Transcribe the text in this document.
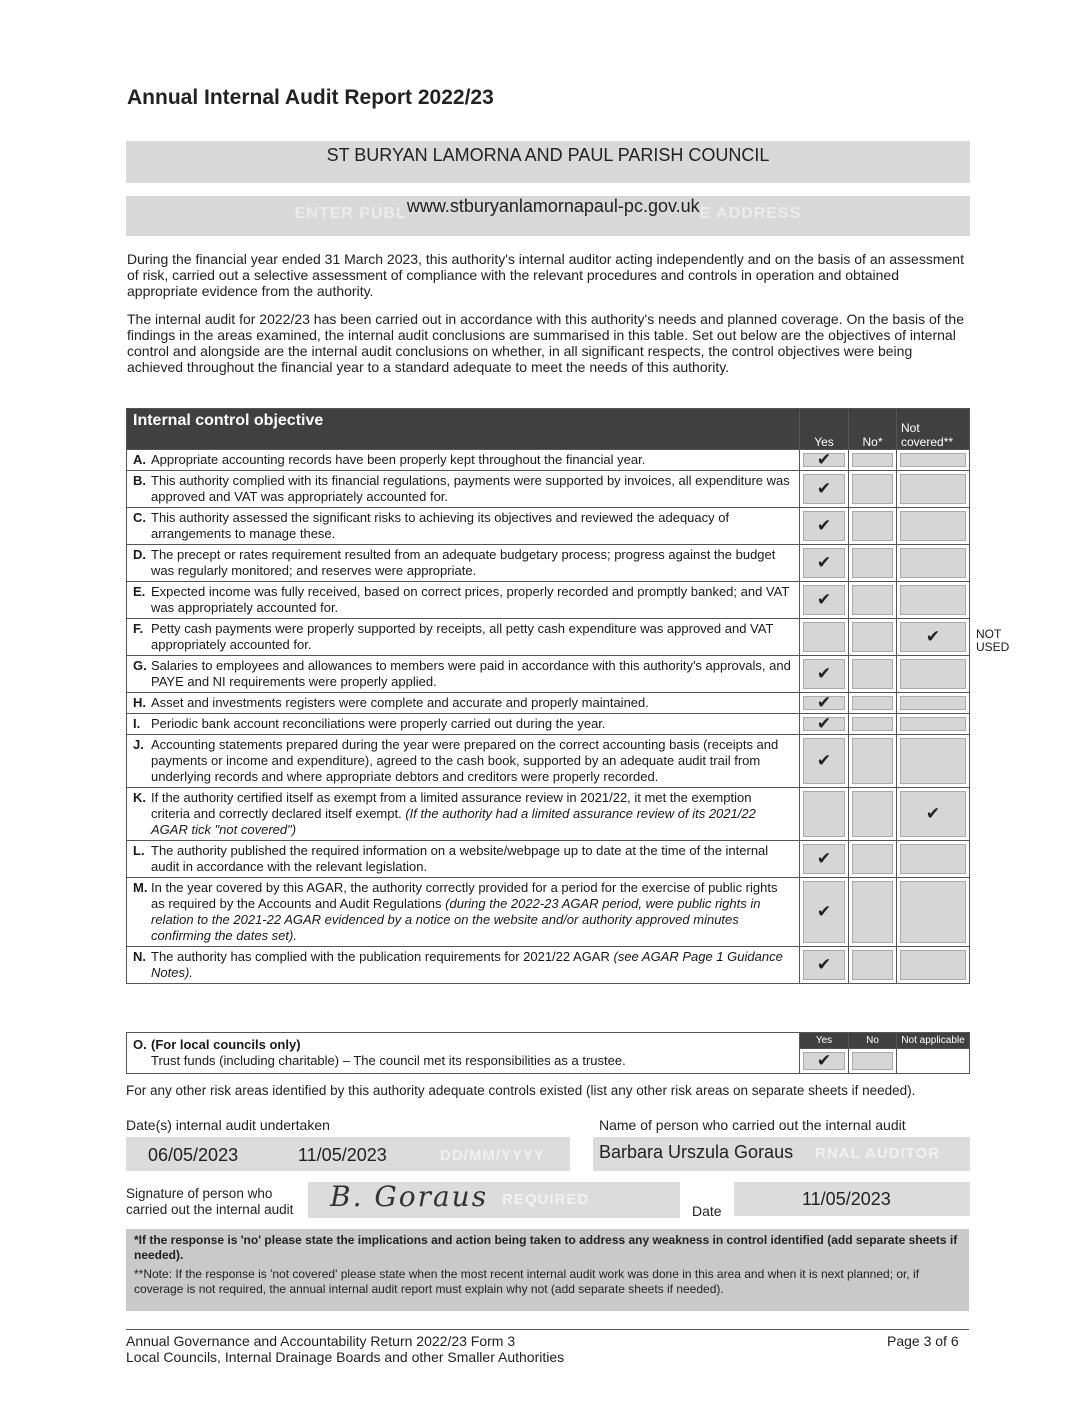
Annual Internal Audit Report 2022/23
ST BURYAN LAMORNA AND PAUL PARISH COUNCIL
ENTER PUBLwww.stburyanlamornapaul-pc.gov.ukE ADDRESS

During the financial year ended 31 March 2023, this authority's internal auditor acting independently and on the basis of an assessment of risk, carried out a selective assessment of compliance with the relevant procedures and controls in operation and obtained appropriate evidence from the authority.

The internal audit for 2022/23 has been carried out in accordance with this authority's needs and planned coverage. On the basis of the findings in the areas examined, the internal audit conclusions are summarised in this table. Set out below are the objectives of internal control and alongside are the internal audit conclusions on whether, in all significant respects, the control objectives were being achieved throughout the financial year to a standard adequate to meet the needs of this authority.

Internal control objective	Yes	No*	Not covered**
A. Appropriate accounting records have been properly kept throughout the financial year.	✔		

B. This authority complied with its financial regulations, payments were supported by invoices, all expenditure was approved and VAT was appropriately accounted for.	✔		

C. This authority assessed the significant risks to achieving its objectives and reviewed the adequacy of arrangements to manage these.	✔		

D. The precept or rates requirement resulted from an adequate budgetary process; progress against the budget was regularly monitored; and reserves were appropriate.	✔		

E. Expected income was fully received, based on correct prices, properly recorded and promptly banked; and VAT was appropriately accounted for.	✔		

F. Petty cash payments were properly supported by receipts, all petty cash expenditure was approved and VAT appropriately accounted for.			✔

G. Salaries to employees and allowances to members were paid in accordance with this authority's approvals, and PAYE and NI requirements were properly applied.	✔		

H. Asset and investments registers were complete and accurate and properly maintained.	✔		

I. Periodic bank account reconciliations were properly carried out during the year.	✔		

J. Accounting statements prepared during the year were prepared on the correct accounting basis (receipts and payments or income and expenditure), agreed to the cash book, supported by an adequate audit trail from underlying records and where appropriate debtors and creditors were properly recorded.	✔		

K. If the authority certified itself as exempt from a limited assurance review in 2021/22, it met the exemption criteria and correctly declared itself exempt. (If the authority had a limited assurance review of its 2021/22 AGAR tick "not covered")			✔

L. The authority published the required information on a website/webpage up to date at the time of the internal audit in accordance with the relevant legislation.	✔		

M. In the year covered by this AGAR, the authority correctly provided for a period for the exercise of public rights as required by the Accounts and Audit Regulations (during the 2022-23 AGAR period, were public rights in relation to the 2021-22 AGAR evidenced by a notice on the website and/or authority approved minutes confirming the dates set).	✔		

N. The authority has complied with the publication requirements for 2021/22 AGAR (see AGAR Page 1 Guidance Notes).	✔		

NOT
USED
O. (For local councils only)
Trust funds (including charitable) – The council met its responsibilities as a trustee.	Yes	No	Not applicable

	✔		

For any other risk areas identified by this authority adequate controls existed (list any other risk areas on separate sheets if needed).
Date(s) internal audit undertaken	Name of person who carried out the internal audit
06/05/2023	11/05/2023	DD/MM/YYYY	Barbara Urszula Goraus RNAL AUDITOR
Signature of person who
carried out the internal audit
REQUIRED
B. Goraus	Date
11/05/2023
*If the response is 'no' please state the implications and action being taken to address any weakness in control identified (add separate sheets if needed).
**Note: If the response is 'not covered' please state when the most recent internal audit work was done in this area and when it is next planned; or, if coverage is not required, the annual internal audit report must explain why not (add separate sheets if needed).
Annual Governance and Accountability Return 2022/23 Form 3
Local Councils, Internal Drainage Boards and other Smaller Authorities
Page 3 of 6
